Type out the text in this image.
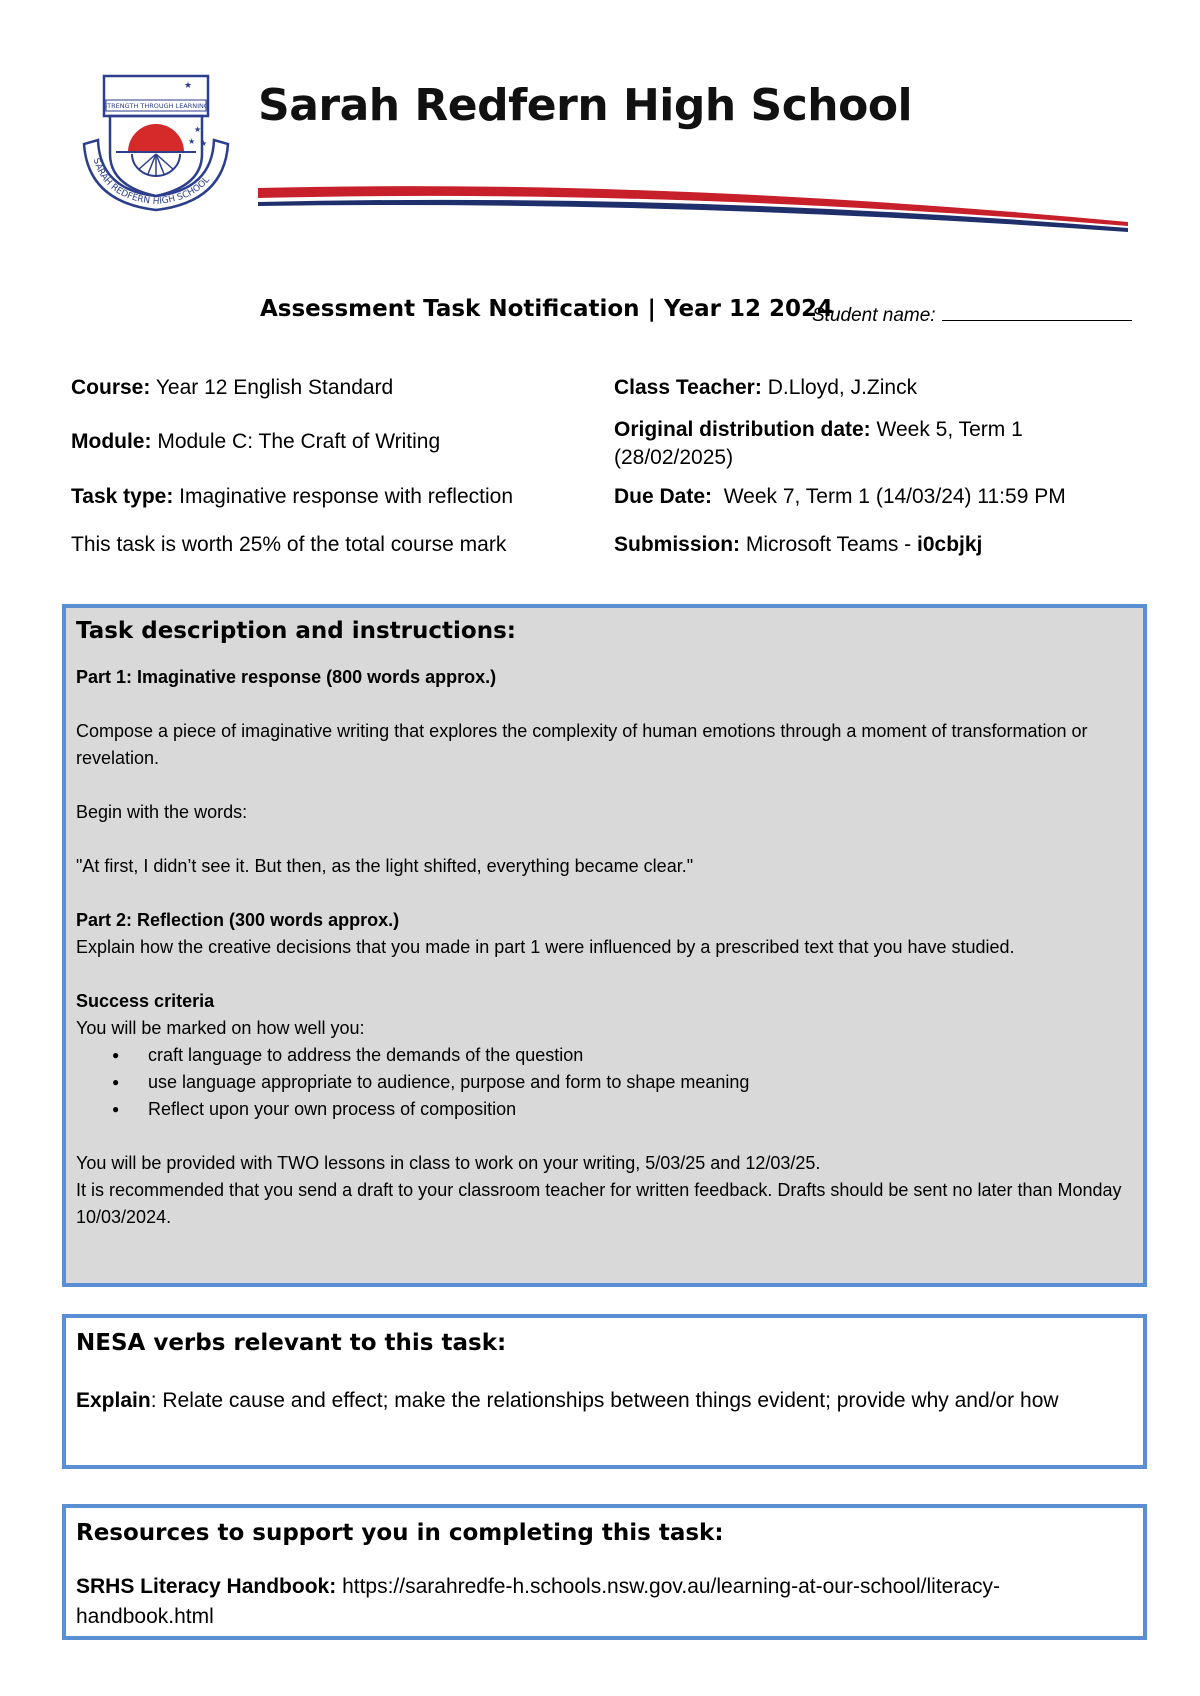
STRENGTH THROUGH LEARNING
★
★
★ ★
SARAH REDFERN HIGH SCHOOL
Sarah Redfern High School
Assessment Task Notification | Year 12 2024
Student name:
Course: Year 12 English Standard
Module: Module C: The Craft of Writing
Task type: Imaginative response with reflection
This task is worth 25% of the total course mark
Class Teacher: D.Lloyd, J.Zinck
Original distribution date: Week 5, Term 1
(28/02/2025)
Due Date: Week 7, Term 1 (14/03/24) 11:59 PM
Submission: Microsoft Teams - i0cbjkj
Task description and instructions:

Part 1: Imaginative response (800 words approx.)

Compose a piece of imaginative writing that explores the complexity of human emotions through a moment of transformation or revelation.

Begin with the words:

"At first, I didn’t see it. But then, as the light shifted, everything became clear."

Part 2: Reflection (300 words approx.)

Explain how the creative decisions that you made in part 1 were influenced by a prescribed text that you have studied.

Success criteria

You will be marked on how well you:

● craft language to address the demands of the question
● use language appropriate to audience, purpose and form to shape meaning
● Reflect upon your own process of composition

You will be provided with TWO lessons in class to work on your writing, 5/03/25 and 12/03/25.

It is recommended that you send a draft to your classroom teacher for written feedback. Drafts should be sent no later than Monday 10/03/2024.

NESA verbs relevant to this task:

Explain: Relate cause and effect; make the relationships between things evident; provide why and/or how

Resources to support you in completing this task:

SRHS Literacy Handbook: https://sarahredfe-h.schools.nsw.gov.au/learning-at-our-school/literacy-handbook.html
